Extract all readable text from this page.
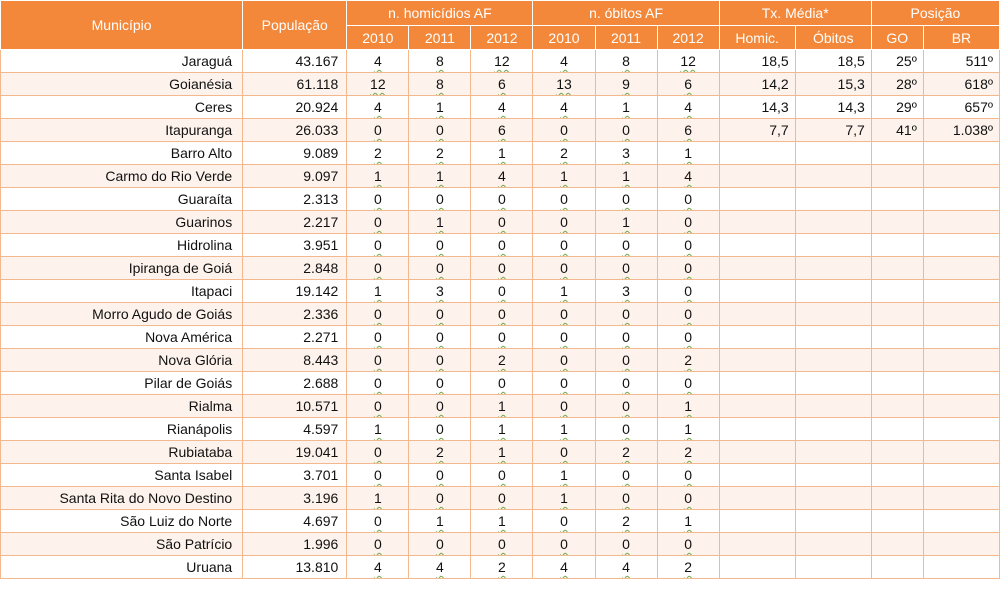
Município	População	n. homicídios AF			n. óbitos AF			Tx. Média*		Posição	
		2010	2011	2012	2010	2011	2012	Homic.	Óbitos	GO	BR
Jaraguá	43.167	4	8	12	4	8	12	18,5	18,5	25º	511º
Goianésia	61.118	12	8	6	13	9	6	14,2	15,3	28º	618º
Ceres	20.924	4	1	4	4	1	4	14,3	14,3	29º	657º
Itapuranga	26.033	0	0	6	0	0	6	7,7	7,7	41º	1.038º
Barro Alto	9.089	2	2	1	2	3	1				
Carmo do Rio Verde	9.097	1	1	4	1	1	4				
Guaraíta	2.313	0	0	0	0	0	0				
Guarinos	2.217	0	1	0	0	1	0				
Hidrolina	3.951	0	0	0	0	0	0				
Ipiranga de Goiá	2.848	0	0	0	0	0	0				
Itapaci	19.142	1	3	0	1	3	0				
Morro Agudo de Goiás	2.336	0	0	0	0	0	0				
Nova América	2.271	0	0	0	0	0	0				
Nova Glória	8.443	0	0	2	0	0	2				
Pilar de Goiás	2.688	0	0	0	0	0	0				
Rialma	10.571	0	0	1	0	0	1				
Rianápolis	4.597	1	0	1	1	0	1				
Rubiataba	19.041	0	2	1	0	2	2				
Santa Isabel	3.701	0	0	0	1	0	0				
Santa Rita do Novo Destino	3.196	1	0	0	1	0	0				
São Luiz do Norte	4.697	0	1	1	0	2	1				
São Patrício	1.996	0	0	0	0	0	0				
Uruana	13.810	4	4	2	4	4	2				
